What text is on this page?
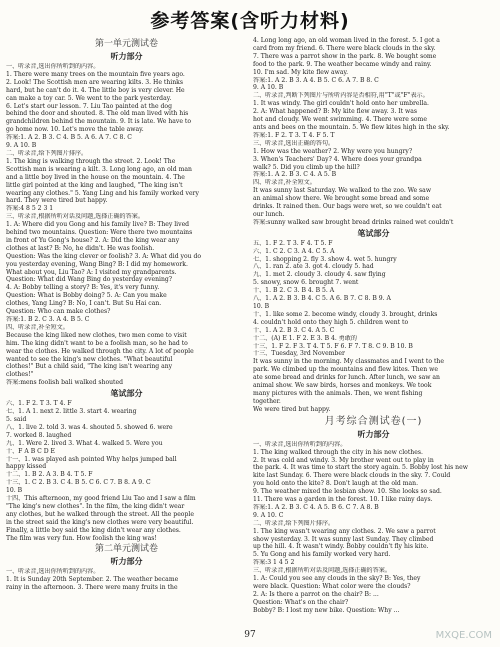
参考答案(含听力材料)
第一单元测试卷
听力部分
一、听录音,选出你所听到的内容。
1. There were many trees on the mountain five years ago.
2. Look! The Scottish men are wearing kilts. 3. He thinks
hard, but he can't do it. 4. The little boy is very clever. He
can make a toy car. 5. We went to the park yesterday.
6. Let's start our lesson. 7. Liu Tao painted at the dog
behind the door and shouted. 8. The old man lived with his
grandchildren behind the mountain. 9. It is late. We have to
go home now. 10. Let's move the table away.
答案:1. A 2. B 3. C 4. B 5. A 6. A 7. C 8. C
9. A 10. B
二、听录音,给下列图片排序。
1. The king is walking through the street. 2. Look! The
Scottish man is wearing a kilt. 3. Long long ago, an old man
and a little boy lived in the house on the mountain. 4. The
little girl pointed at the king and laughed, "The king isn't
wearing any clothes." 5. Yang Ling and his family worked very
hard. They were tired but happy.
答案:4 8 5 2 3 1
三、听录音,根据所听对话及问题,选择正确的答案。
1. A: Where did you Gong and his family live? B: They lived
behind two mountains. Question: Were there two mountains
in front of Yu Gong's house? 2. A: Did the king wear any
clothes at last? B: No, he didn't. He was foolish.
Question: Was the king clever or foolish? 3. A: What did you do
you yesterday evening, Wang Bing? B: I did my homework.
What about you, Liu Tao? A: I visited my grandparents.
Question: What did Wang Bing do yesterday evening?
4. A: Bobby telling a story? B: Yes, it's very funny.
Question: What is Bobby doing? 5. A: Can you make
clothes, Yang Ling? B: No, I can't. But Su Hai can.
Question: Who can make clothes?
答案:1. B 2. C 3. A 4. B 5. C
四、听录音,补全短文。
Because the king liked new clothes, two men come to visit
him. The king didn't want to be a foolish man, so he had to
wear the clothes. He walked through the city. A lot of people
wanted to see the king's new clothes. "What beautiful
clothes!" But a child said, "The king isn't wearing any
clothes!"
答案:mens foolish bali walked shouted
笔试部分
六、1. F 2. T 3. T 4. F
七、1. A 1. next 2. little 3. start 4. wearing
5. said
八、1. live 2. told 3. was 4. shouted 5. showed 6. were
7. worked 8. laughed
九、1. Were 2. lived 3. What 4. walked 5. Were you
十、F A B C D E
十一、1. was played ash pointed Why helps jumped ball
happy kissed
十二、1. B 2. A 3. B 4. T 5. F
十三、1. C 2. B 3. C 4. B 5. C 6. C 7. B 8. A 9. C
10. B
十四、This afternoon, my good friend Liu Tao and I saw a film
"The king's new clothes". In the film, the king didn't wear
any clothes, but he walked through the street. All the people
in the street said the king's new clothes were very beautiful.
Finally, a little boy said the king didn't wear any clothes.
The film was very fun. How foolish the king was!
第二单元测试卷
听力部分
一、听录音,选出你所听到的内容。
1. It is Sunday 20th September. 2. The weather became
rainy in the afternoon. 3. There were many fruits in the
4. Long long ago, an old woman lived in the forest. 5. I got a
card from my friend. 6. There were black clouds in the sky.
7. There was a parrot show in the park. 8. We bought some
food to the park. 9. The weather became windy and rainy.
10. I'm sad. My kite flew away.
答案:1. A 2. B 3. A 4. B 5. C 6. A 7. B 8. C
9. A 10. B
二、听录音,判断下列图片与所听内容是否相符,用"T"或"F"表示。
1. It was windy. The girl couldn't hold onto her umbrella.
2. A: What happened? B: My kite flew away. 3. It was
hot and cloudy. We went swimming. 4. There were some
ants and bees on the mountain. 5. We flew kites high in the sky.
答案:1. F 2. T 3. T 4. F 5. T
三、听录音,选出正确的答句。
1. How was the weather? 2. Why were you hungry?
3. When's Teachers' Day? 4. Where does your grandpa
walk? 5. Did you climb up the hill?
答案:1. A 2. B 3. C 4. A 5. B
四、听录音,补全短文。
It was sunny last Saturday. We walked to the zoo. We saw
an animal show there. We brought some bread and some
drinks. It rained then. Our bags were wet, so we couldn't eat
our lunch.
答案:sunny walked saw brought bread drinks rained wet couldn't
笔试部分
五、1. F 2. T 3. F 4. T 5. F
六、1. C 2. C 3. A 4. C 5. A
七、1. shopping 2. fly 3. show 4. wet 5. hungry
八、1. ran 2. ate 3. got 4. cloudy 5. had
九、1. met 2. cloudy 3. cloudy 4. saw flying
5. snowy, snow 6. brought 7. went
十、1. B 2. C 3. B 4. B 5. A
八、1. A 2. B 3. B 4. C 5. A 6. B 7. C 8. B 9. A
10. B
十、1. like some 2. become windy, cloudy 3. brought, drinks
4. couldn't hold onto they high 5. children went to
十、1. A 2. B 3. C 4. A 5. C
十二、(A) E 1. F 2. E 3. B 4. 勇敢的
十三、1. F 2. F 3. T 4. T 5. F 6. F 7. T 8. C 9. B 10. B
十三、Tuesday, 3rd November
It was sunny in the morning. My classmates and I went to the
park. We climbed up the mountains and flew kites. Then we
ate some bread and drinks for lunch. After lunch, we saw an
animal show. We saw birds, horses and monkeys. We took
many pictures with the animals. Then, we went fishing
together.
We were tired but happy.
月考综合测试卷(一)
听力部分
一、听录音,选出你所听到的内容。
1. The king walked through the city in his new clothes.
2. It was cold and windy. 3. My brother went out to play in
the park. 4. It was time to start the story again. 5. Bobby lost his new
kite last Sunday. 6. There were black clouds in the sky. 7. Could
you hold onto the kite? 8. Don't laugh at the old man.
9. The weather mixed the lesbian show. 10. She looks so sad.
11. There was a garden in the forest. 10. I like rainy days.
答案:1. A 2. B 3. C 4. A 5. B 6. C 7. A 8. B
9. A 10. C
二、听录音,给下列图片排序。
1. The king wasn't wearing any clothes. 2. We saw a parrot
show yesterday. 3. It was sunny last Sunday. They climbed
up the hill. 4. It wasn't windy. Bobby couldn't fly his kite.
5. Yu Gong and his family worked very hard.
答案:3 1 4 5 2
三、听录音,根据所听对话及问题,选择正确的答案。
1. A: Could you see any clouds in the sky? B: Yes, they
were black. Question: What color were the clouds?
2. A: Is there a parrot on the chair? B: ...
Question: What's on the chair?
Bobby? B: I lost my new bike. Question: Why ...
97	MXQE.COM
